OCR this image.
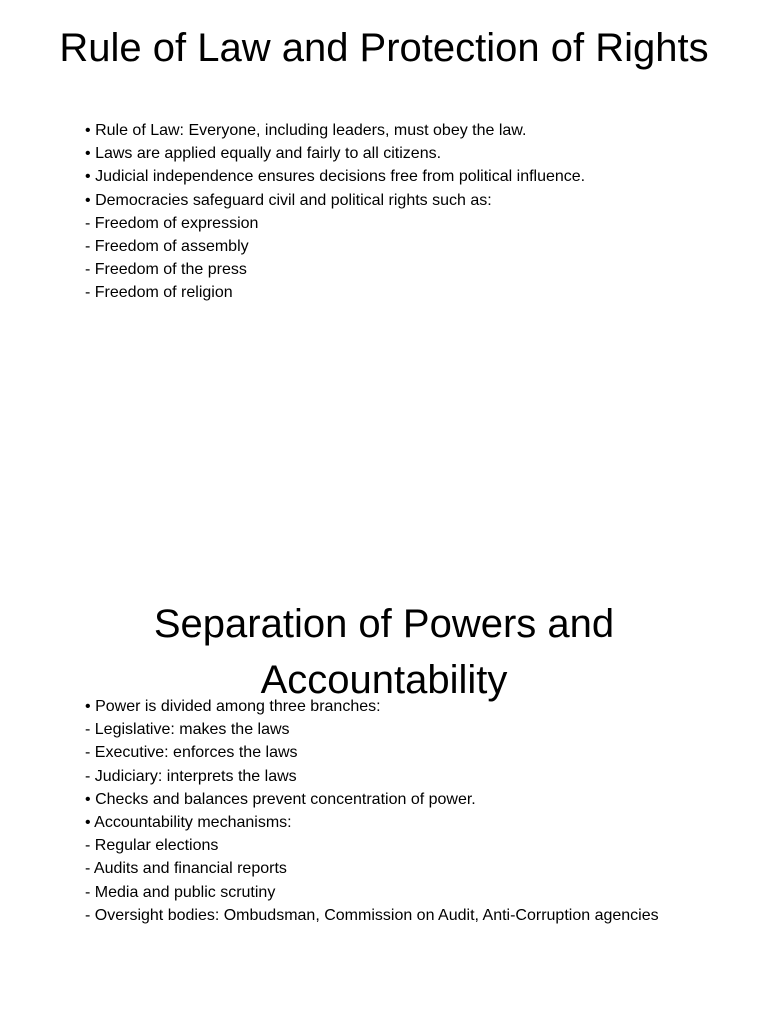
Rule of Law and Protection of Rights
• Rule of Law: Everyone, including leaders, must obey the law.
• Laws are applied equally and fairly to all citizens.
• Judicial independence ensures decisions free from political influence.
• Democracies safeguard civil and political rights such as:
- Freedom of expression
- Freedom of assembly
- Freedom of the press
- Freedom of religion
Separation of Powers and Accountability
• Power is divided among three branches:
- Legislative: makes the laws
- Executive: enforces the laws
- Judiciary: interprets the laws
• Checks and balances prevent concentration of power.
• Accountability mechanisms:
- Regular elections
- Audits and financial reports
- Media and public scrutiny
- Oversight bodies: Ombudsman, Commission on Audit, Anti-Corruption agencies
